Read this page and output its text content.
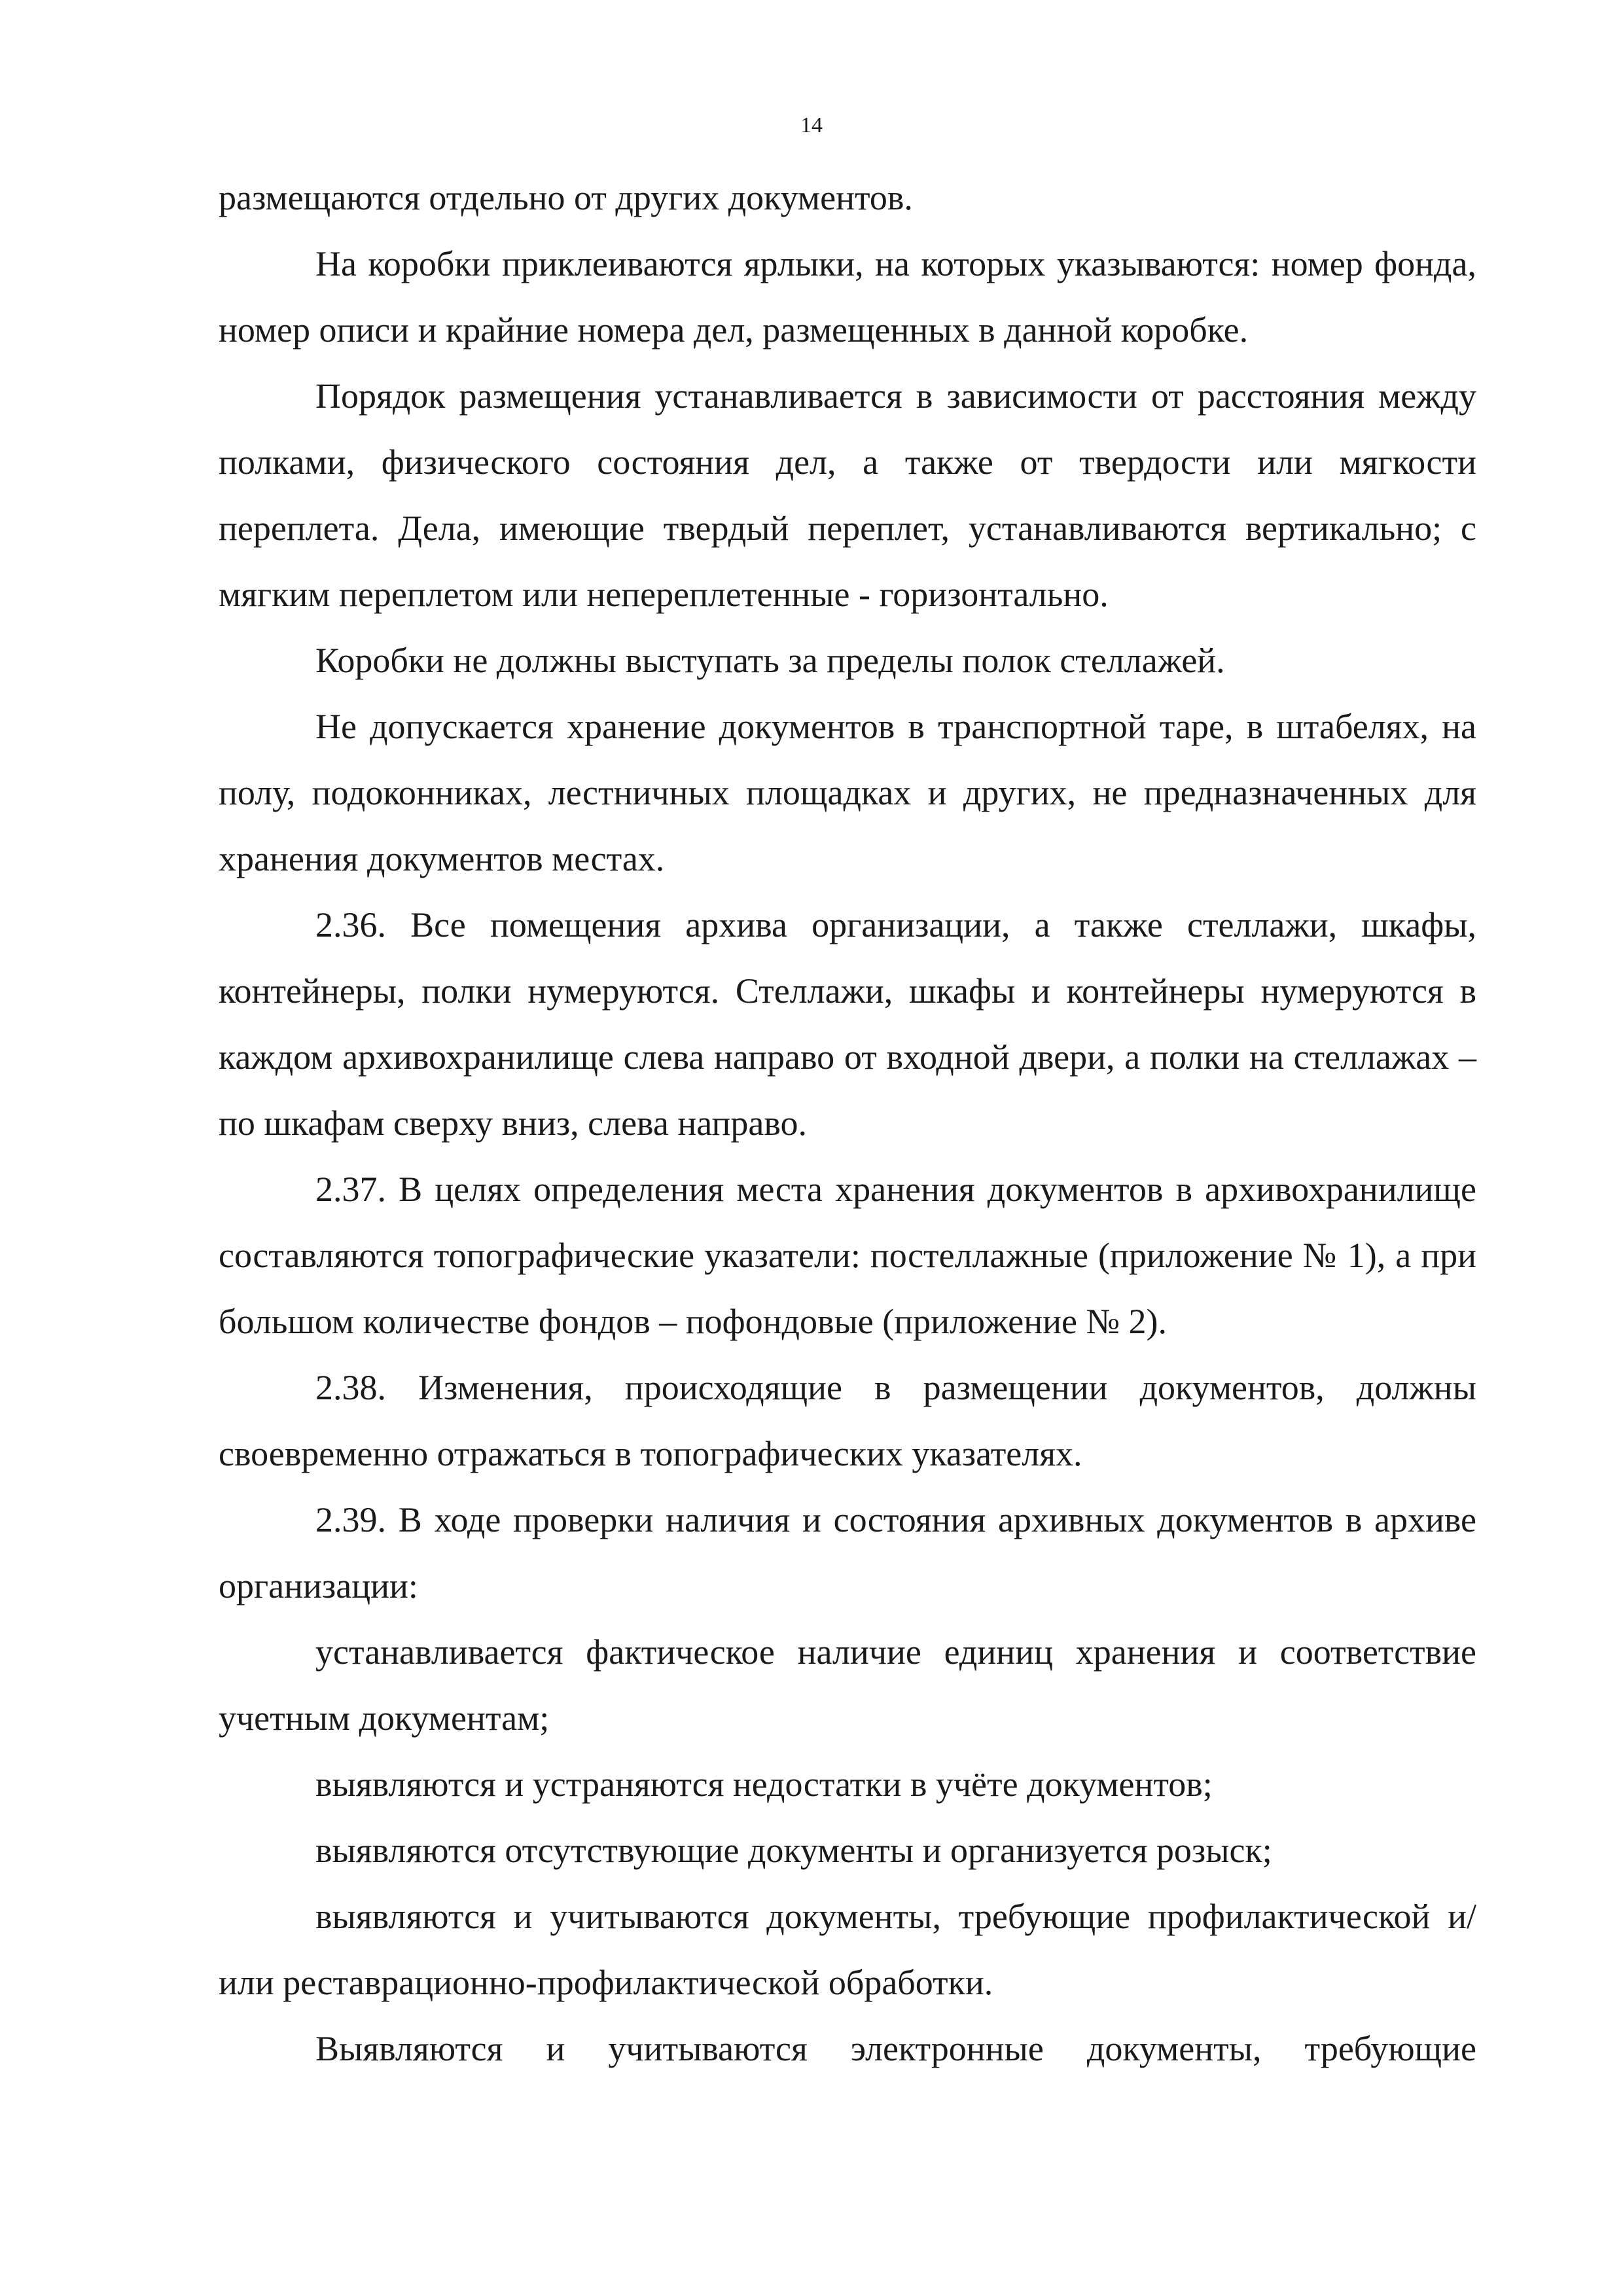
14

размещаются отдельно от других документов.

На коробки приклеиваются ярлыки, на которых указываются: номер фонда, номер описи и крайние номера дел, размещенных в данной коробке.

Порядок размещения устанавливается в зависимости от расстояния между полками, физического состояния дел, а также от твердости или мягкости переплета. Дела, имеющие твердый переплет, устанавливаются вертикально; с мягким переплетом или непереплетенные - горизонтально.

Коробки не должны выступать за пределы полок стеллажей.

Не допускается хранение документов в транспортной таре, в штабелях, на полу, подоконниках, лестничных площадках и других, не предназначенных для хранения документов местах.

2.36. Все помещения архива организации, а также стеллажи, шкафы, контейнеры, полки нумеруются. Стеллажи, шкафы и контейнеры нумеруются в каждом архивохранилище слева направо от входной двери, а полки на стеллажах – по шкафам сверху вниз, слева направо.

2.37. В целях определения места хранения документов в архивохранилище составляются топографические указатели: постеллажные (приложение № 1), а при большом количестве фондов – пофондовые (приложение № 2).

2.38. Изменения, происходящие в размещении документов, должны своевременно отражаться в топографических указателях.

2.39. В ходе проверки наличия и состояния архивных документов в архиве организации:

устанавливается фактическое наличие единиц хранения и соответствие учетным документам;

выявляются и устраняются недостатки в учёте документов;

выявляются отсутствующие документы и организуется розыск;

выявляются и учитываются документы, требующие профилактической и/или реставрационно-профилактической обработки.

Выявляются и учитываются электронные документы, требующие
